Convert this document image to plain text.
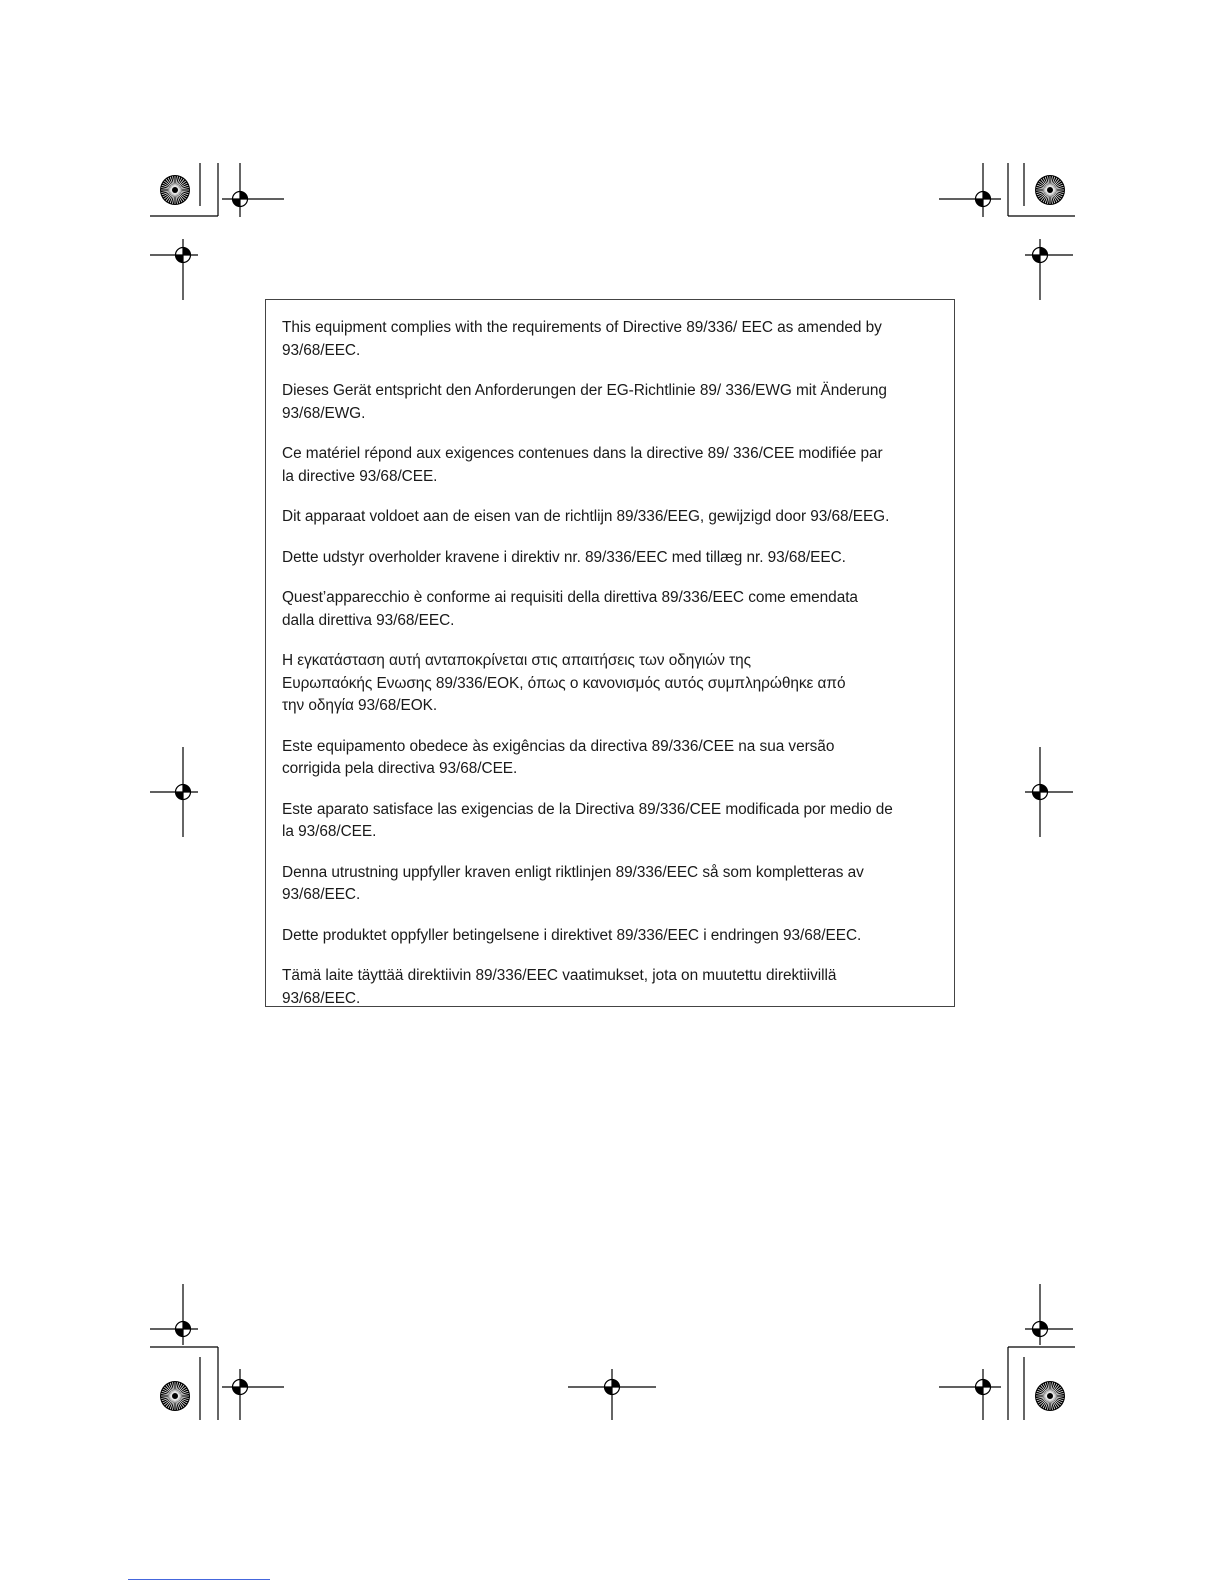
This equipment complies with the requirements of Directive 89/336/ EEC as amended by
93/68/EEC.

Dieses Gerät entspricht den Anforderungen der EG-Richtlinie 89/ 336/EWG mit Änderung
93/68/EWG.

Ce matériel répond aux exigences contenues dans la directive 89/ 336/CEE modifiée par
la directive 93/68/CEE.

Dit apparaat voldoet aan de eisen van de richtlijn 89/336/EEG, gewijzigd door 93/68/EEG.

Dette udstyr overholder kravene i direktiv nr. 89/336/EEC med tillæg nr. 93/68/EEC.

Quest’apparecchio è conforme ai requisiti della direttiva 89/336/EEC come emendata
dalla direttiva 93/68/EEC.

Η εγκατάσταση αυτή ανταποκρίνεται στις απαιτήσεις των οδηγιών της
Ευρωπαόκής Ενωσης 89/336/ΕΟΚ, όπως ο κανονισμός αυτός συμπληρώθηκε από
την οδηγία 93/68/ΕΟΚ.

Este equipamento obedece às exigências da directiva 89/336/CEE na sua versão
corrigida pela directiva 93/68/CEE.

Este aparato satisface las exigencias de la Directiva 89/336/CEE modificada por medio de
la 93/68/CEE.

Denna utrustning uppfyller kraven enligt riktlinjen 89/336/EEC så som kompletteras av
93/68/EEC.

Dette produktet oppfyller betingelsene i direktivet 89/336/EEC i endringen 93/68/EEC.

Tämä laite täyttää direktiivin 89/336/EEC vaatimukset, jota on muutettu direktiivillä
93/68/EEC.
